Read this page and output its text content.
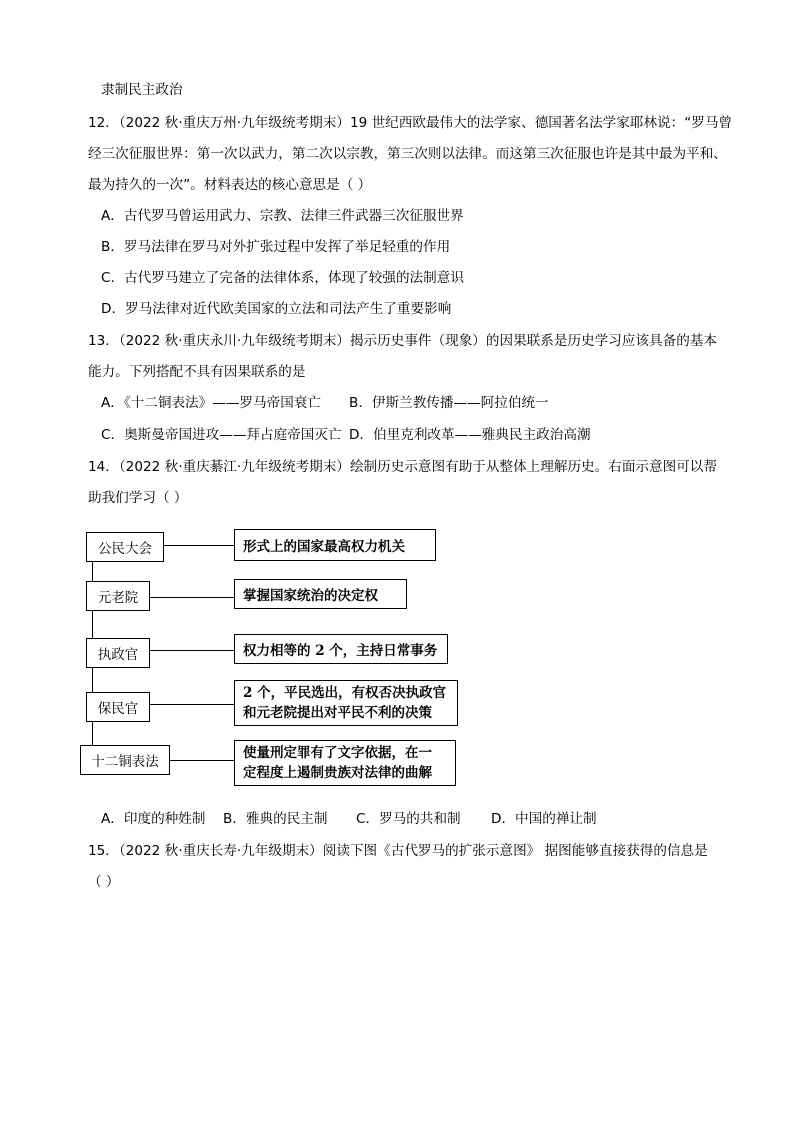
隶制民主政治
12．（2022 秋·重庆万州·九年级统考期末）19 世纪西欧最伟大的法学家、德国著名法学家耶林说：“罗马曾
经三次征服世界：第一次以武力，第二次以宗教，第三次则以法律。而这第三次征服也许是其中最为平和、
最为持久的一次”。材料表达的核心意思是（ ）
A．古代罗马曾运用武力、宗教、法律三件武器三次征服世界
B．罗马法律在罗马对外扩张过程中发挥了举足轻重的作用
C．古代罗马建立了完备的法律体系，体现了较强的法制意识
D．罗马法律对近代欧美国家的立法和司法产生了重要影响
13．（2022 秋·重庆永川·九年级统考期末）揭示历史事件（现象）的因果联系是历史学习应该具备的基本
能力。下列搭配不具有因果联系的是
A．《十二铜表法》——罗马帝国衰亡 B．伊斯兰教传播——阿拉伯统一
C．奥斯曼帝国进攻——拜占庭帝国灭亡 D．伯里克利改革——雅典民主政治高潮
14．（2022 秋·重庆綦江·九年级统考期末）绘制历史示意图有助于从整体上理解历史。右面示意图可以帮
助我们学习（ ）
公民大会
元老院
执政官
保民官
十二铜表法
形式上的国家最高权力机关
掌握国家统治的决定权
权力相等的 2 个，主持日常事务
2 个，平民选出，有权否决执政官
和元老院提出对平民不利的决策
使量刑定罪有了文字依据，在一
定程度上遏制贵族对法律的曲解
A．印度的种姓制 B．雅典的民主制 C．罗马的共和制 D．中国的禅让制
15．（2022 秋·重庆长寿·九年级期末）阅读下图《古代罗马的扩张示意图》 据图能够直接获得的信息是
（ ）
